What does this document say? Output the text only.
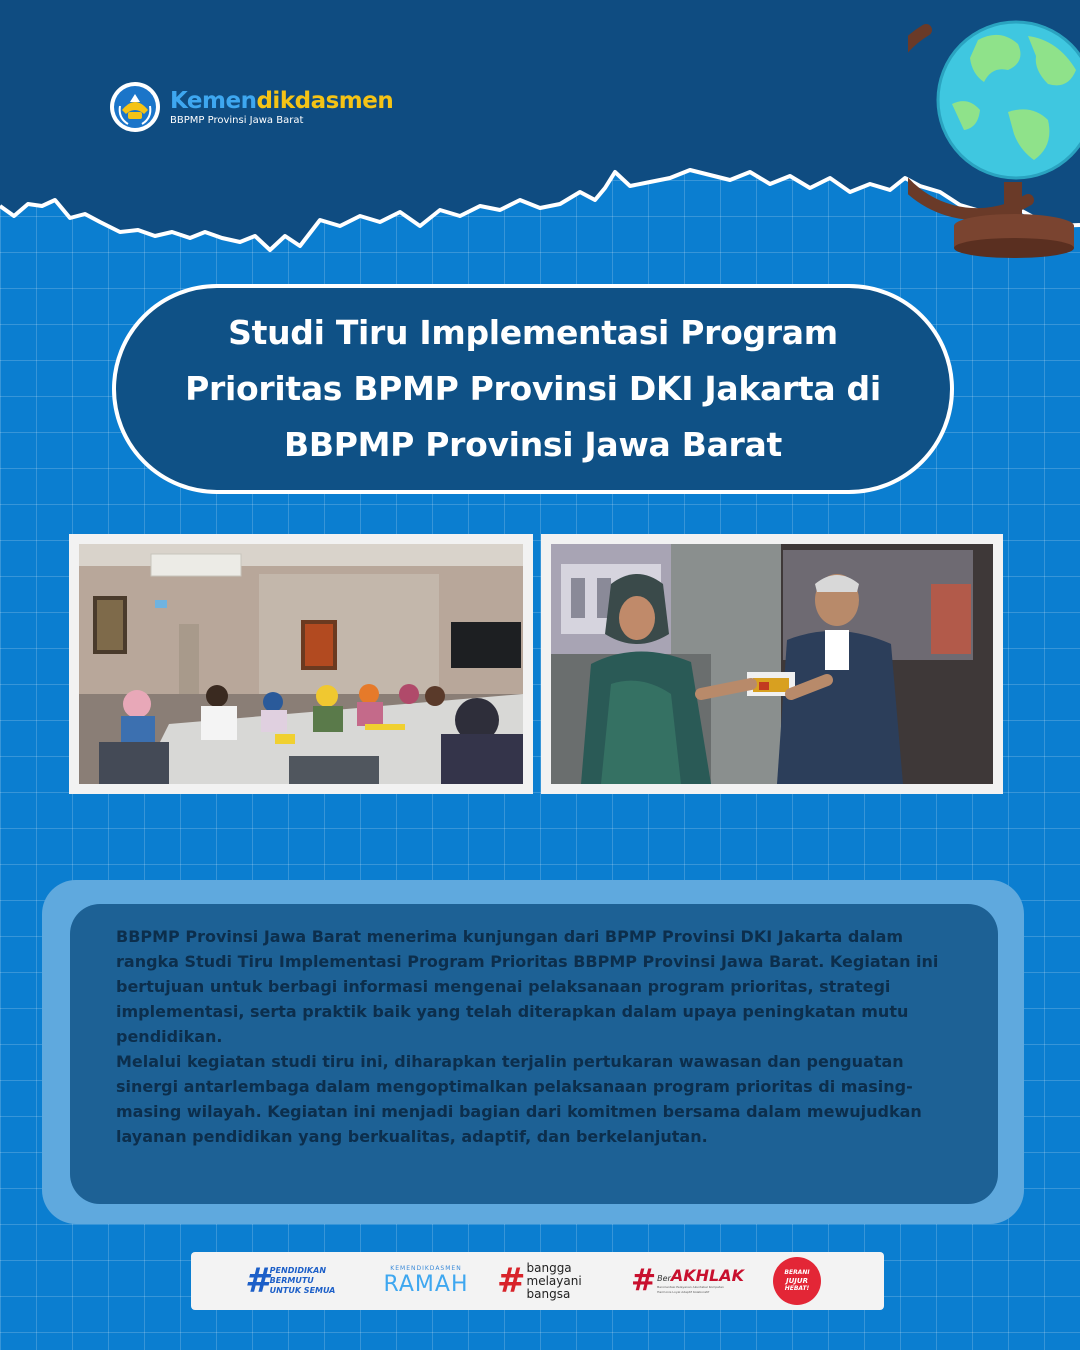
Kemendikdasmen
BBPMP Provinsi Jawa Barat
Studi Tiru Implementasi Program
Prioritas BPMP Provinsi DKI Jakarta di
BBPMP Provinsi Jawa Barat

BBPMP Provinsi Jawa Barat menerima kunjungan dari BPMP Provinsi DKI Jakarta dalam rangka Studi Tiru Implementasi Program Prioritas BBPMP Provinsi Jawa Barat. Kegiatan ini bertujuan untuk berbagi informasi mengenai pelaksanaan program prioritas, strategi implementasi, serta praktik baik yang telah diterapkan dalam upaya peningkatan mutu pendidikan.

Melalui kegiatan studi tiru ini, diharapkan terjalin pertukaran wawasan dan penguatan sinergi antarlembaga dalam mengoptimalkan pelaksanaan program prioritas di masing-masing wilayah. Kegiatan ini menjadi bagian dari komitmen bersama dalam mewujudkan layanan pendidikan yang berkualitas, adaptif, dan berkelanjutan.

# PENDIDIKAN
BERMUTU
UNTUK SEMUA
KEMENDIKDASMEN
RAMAH # bangga
melayani
bangsa	# Ber AKHLAK
Berorientasi Pelayanan Akuntabel Kompeten
Harmonis Loyal Adaptif Kolaboratif
BERANI
JUJUR
HEBAT!
